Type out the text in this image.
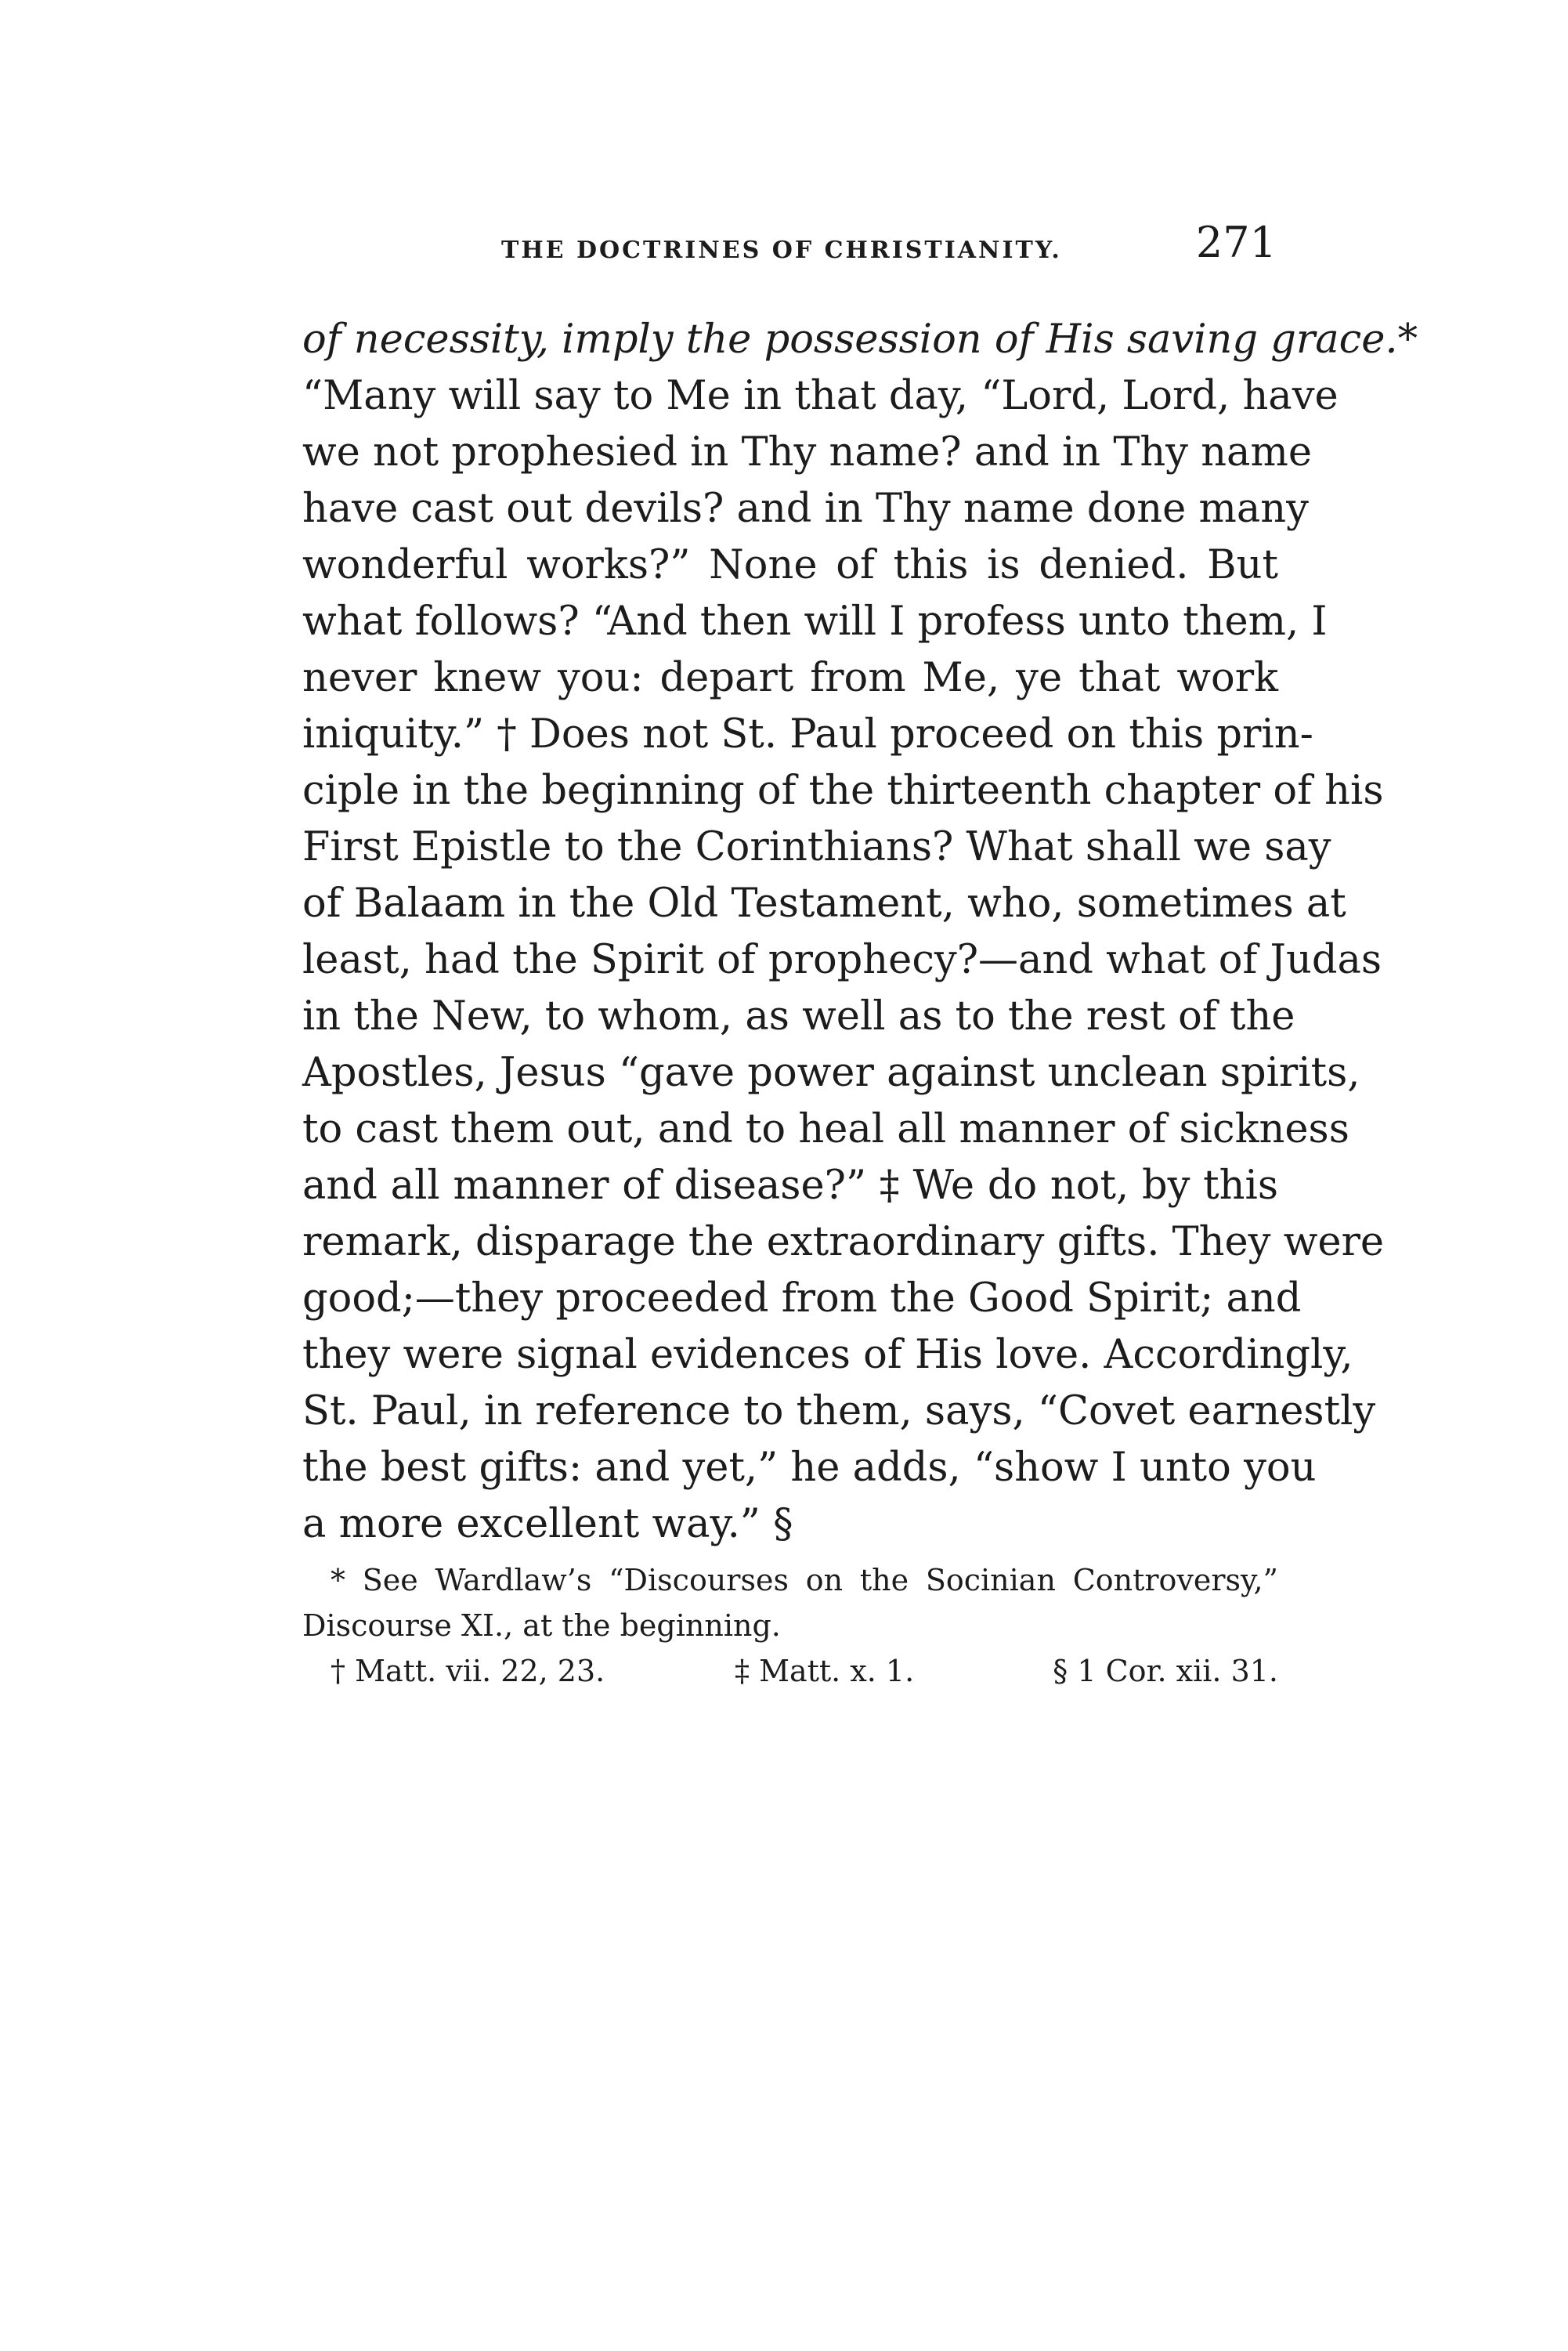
THE DOCTRINES OF CHRISTIANITY.	271
of necessity, imply the possession of His saving grace.*
“Many will say to Me in that day, “Lord, Lord, have
we not prophesied in Thy name? and in Thy name
have cast out devils? and in Thy name done many
wonderful works?” None of this is denied. But
what follows? “And then will I profess unto them, I
never knew you: depart from Me, ye that work
iniquity.” † Does not St. Paul proceed on this prin-
ciple in the beginning of the thirteenth chapter of his
First Epistle to the Corinthians? What shall we say
of Balaam in the Old Testament, who, sometimes at
least, had the Spirit of prophecy?—and what of Judas
in the New, to whom, as well as to the rest of the
Apostles, Jesus “gave power against unclean spirits,
to cast them out, and to heal all manner of sickness
and all manner of disease?” ‡ We do not, by this
remark, disparage the extraordinary gifts. They were
good;—they proceeded from the Good Spirit; and
they were signal evidences of His love. Accordingly,
St. Paul, in reference to them, says, “Covet earnestly
the best gifts: and yet,” he adds, “show I unto you
a more excellent way.” §
* See Wardlaw’s “Discourses on the Socinian Controversy,”
Discourse XI., at the beginning.
† Matt. vii. 22, 23.	‡ Matt. x. 1.	§ 1 Cor. xii. 31.
